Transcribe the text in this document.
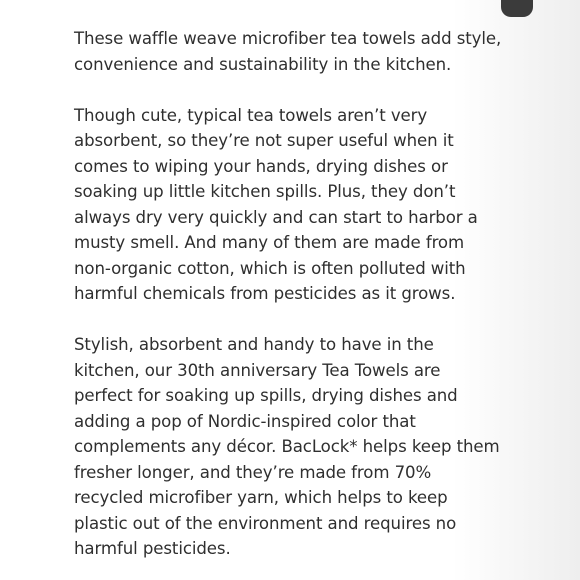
These waffle weave microfiber tea towels add style, convenience and sustainability in the kitchen.

Though cute, typical tea towels aren’t very absorbent, so they’re not super useful when it comes to wiping your hands, drying dishes or soaking up little kitchen spills. Plus, they don’t always dry very quickly and can start to harbor a musty smell. And many of them are made from non-organic cotton, which is often polluted with harmful chemicals from pesticides as it grows.

Stylish, absorbent and handy to have in the kitchen, our 30th anniversary Tea Towels are perfect for soaking up spills, drying dishes and adding a pop of Nordic-inspired color that complements any décor. BacLock* helps keep them fresher longer, and they’re made from 70% recycled microfiber yarn, which helps to keep plastic out of the environment and requires no harmful pesticides.
